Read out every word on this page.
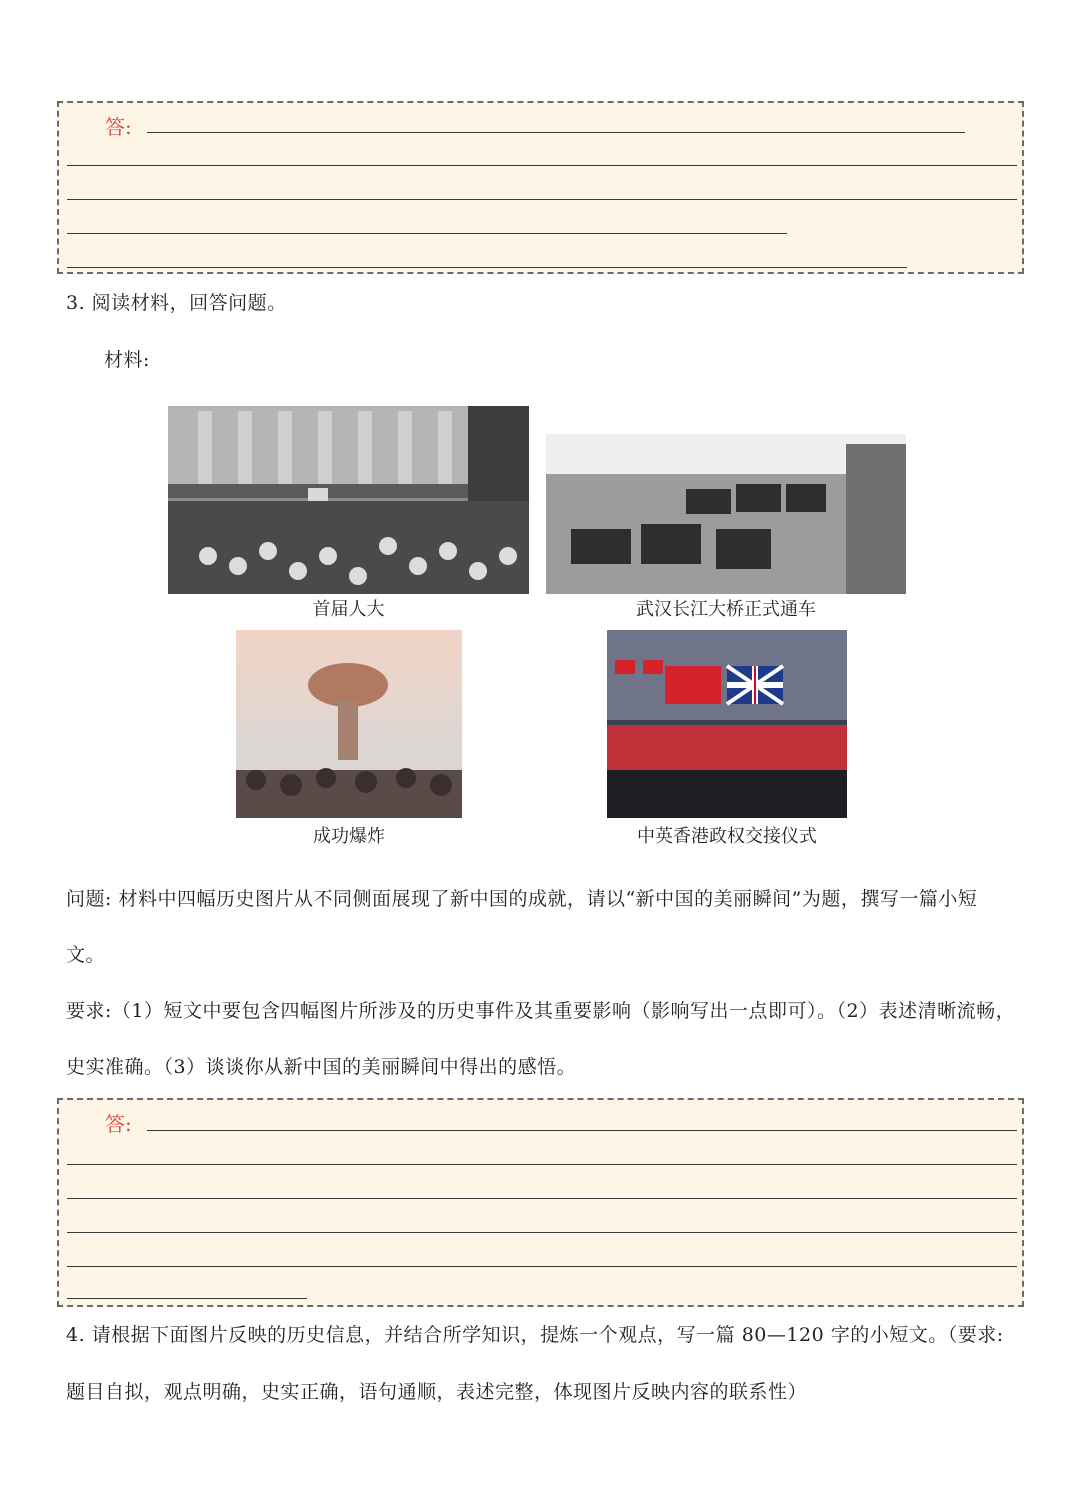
答:
3. 阅读材料，回答问题。
材料:
首届人大	武汉长江大桥正式通车
成功爆炸	中英香港政权交接仪式
问题: 材料中四幅历史图片从不同侧面展现了新中国的成就，请以“新中国的美丽瞬间”为题，撰写一篇小短
文。
要求:（1）短文中要包含四幅图片所涉及的历史事件及其重要影响（影响写出一点即可）。（2）表述清晰流畅，
史实准确。（3）谈谈你从新中国的美丽瞬间中得出的感悟。
答:
4. 请根据下面图片反映的历史信息，并结合所学知识，提炼一个观点，写一篇 80—120 字的小短文。（要求:
题目自拟，观点明确，史实正确，语句通顺，表述完整，体现图片反映内容的联系性）
